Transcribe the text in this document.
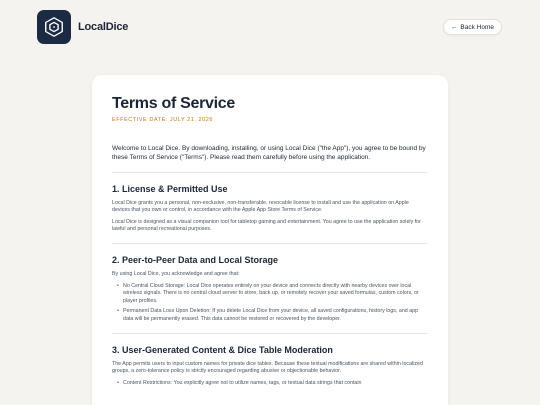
LocalDice	← Back Home
Terms of Service
EFFECTIVE DATE: JULY 21, 2026
Welcome to Local Dice. By downloading, installing, or using Local Dice ("the App"), you agree to be bound by these Terms of Service ("Terms"). Please read them carefully before using the application.
1. License & Permitted Use

Local Dice grants you a personal, non-exclusive, non-transferable, revocable license to install and use the application on Apple devices that you own or control, in accordance with the Apple App Store Terms of Service.

Local Dice is designed as a visual companion tool for tabletop gaming and entertainment. You agree to use the application solely for lawful and personal recreational purposes.

2. Peer-to-Peer Data and Local Storage

By using Local Dice, you acknowledge and agree that:

• No Central Cloud Storage: Local Dice operates entirely on your device and connects directly with nearby devices over local wireless signals. There is no central cloud server to store, back up, or remotely recover your saved formulas, custom colors, or player profiles.
• Permanent Data Loss Upon Deletion: If you delete Local Dice from your device, all saved configurations, history logs, and app data will be permanently erased. This data cannot be restored or recovered by the developer.
3. User-Generated Content & Dice Table Moderation

The App permits users to input custom names for private dice tables. Because these textual modifications are shared within localized groups, a zero-tolerance policy is strictly encouraged regarding abusive or objectionable behavior.

• Content Restrictions: You explicitly agree not to utilize names, tags, or textual data strings that contain
